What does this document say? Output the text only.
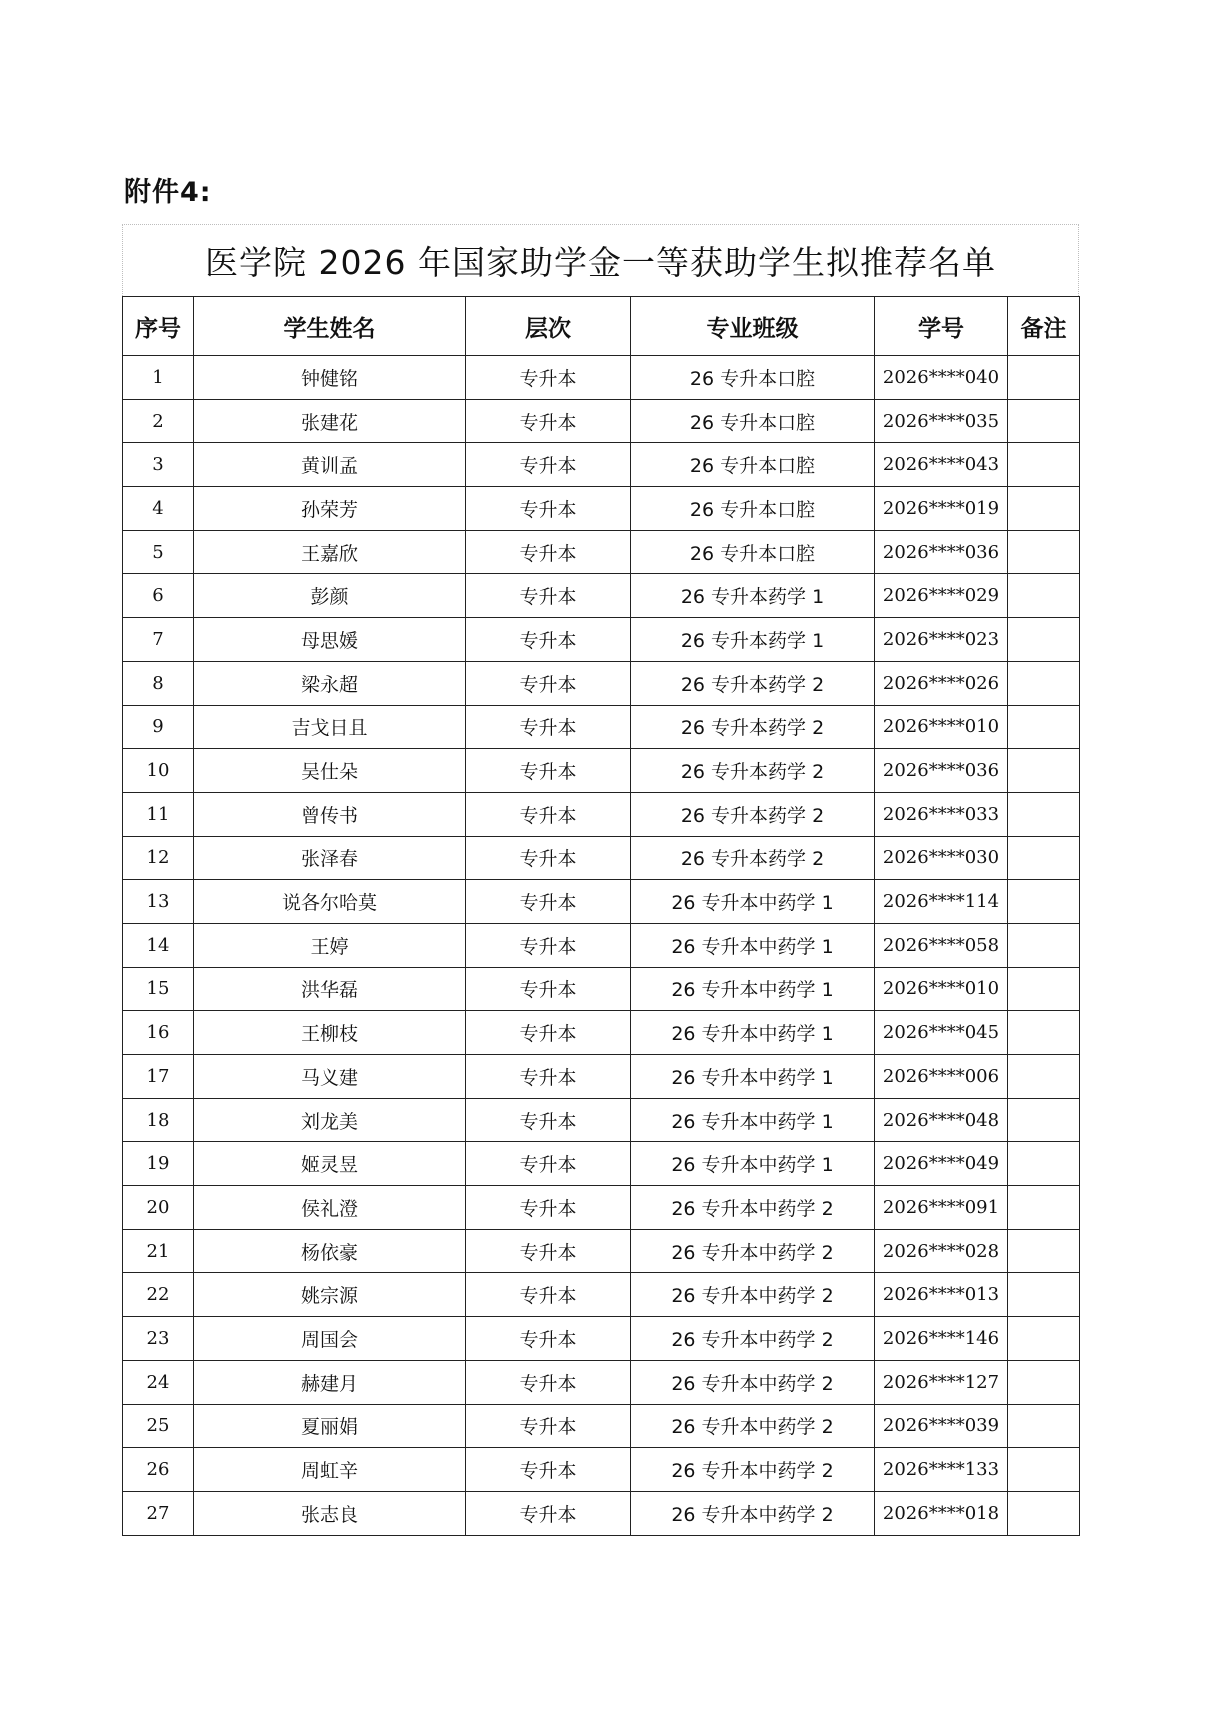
附件4:
医学院 2026 年国家助学金一等获助学生拟推荐名单
序号	学生姓名	层次	专业班级	学号	备注
1	钟健铭	专升本	26 专升本口腔	2026****040	
2	张建花	专升本	26 专升本口腔	2026****035	
3	黄训孟	专升本	26 专升本口腔	2026****043	
4	孙荣芳	专升本	26 专升本口腔	2026****019	
5	王嘉欣	专升本	26 专升本口腔	2026****036	
6	彭颜	专升本	26 专升本药学 1	2026****029	
7	母思媛	专升本	26 专升本药学 1	2026****023	
8	梁永超	专升本	26 专升本药学 2	2026****026	
9	吉戈日且	专升本	26 专升本药学 2	2026****010	
10	吴仕朵	专升本	26 专升本药学 2	2026****036	
11	曾传书	专升本	26 专升本药学 2	2026****033	
12	张泽春	专升本	26 专升本药学 2	2026****030	
13	说各尔哈莫	专升本	26 专升本中药学 1	2026****114	
14	王婷	专升本	26 专升本中药学 1	2026****058	
15	洪华磊	专升本	26 专升本中药学 1	2026****010	
16	王柳枝	专升本	26 专升本中药学 1	2026****045	
17	马义建	专升本	26 专升本中药学 1	2026****006	
18	刘龙美	专升本	26 专升本中药学 1	2026****048	
19	姬灵昱	专升本	26 专升本中药学 1	2026****049	
20	侯礼澄	专升本	26 专升本中药学 2	2026****091	
21	杨依豪	专升本	26 专升本中药学 2	2026****028	
22	姚宗源	专升本	26 专升本中药学 2	2026****013	
23	周国会	专升本	26 专升本中药学 2	2026****146	
24	赫建月	专升本	26 专升本中药学 2	2026****127	
25	夏丽娟	专升本	26 专升本中药学 2	2026****039	
26	周虹辛	专升本	26 专升本中药学 2	2026****133	
27	张志良	专升本	26 专升本中药学 2	2026****018	
